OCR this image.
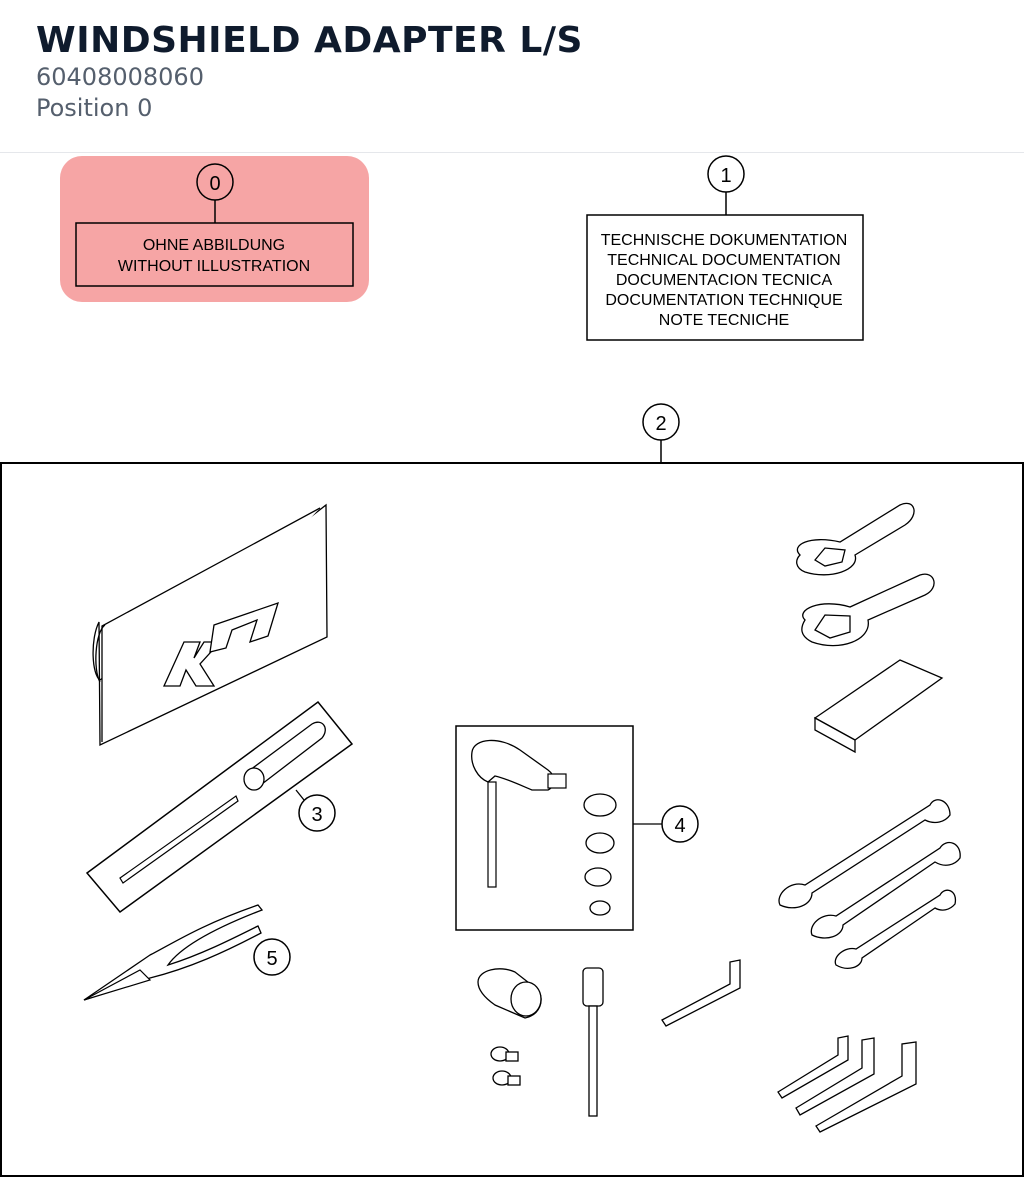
WINDSHIELD ADAPTER L/S
60408008060
Position 0
0
OHNE ABBILDUNG
WITHOUT ILLUSTRATION
1
TECHNISCHE DOKUMENTATION
TECHNICAL DOCUMENTATION
DOCUMENTACION TECNICA
DOCUMENTATION TECHNIQUE
NOTE TECNICHE
2
3
5
4
